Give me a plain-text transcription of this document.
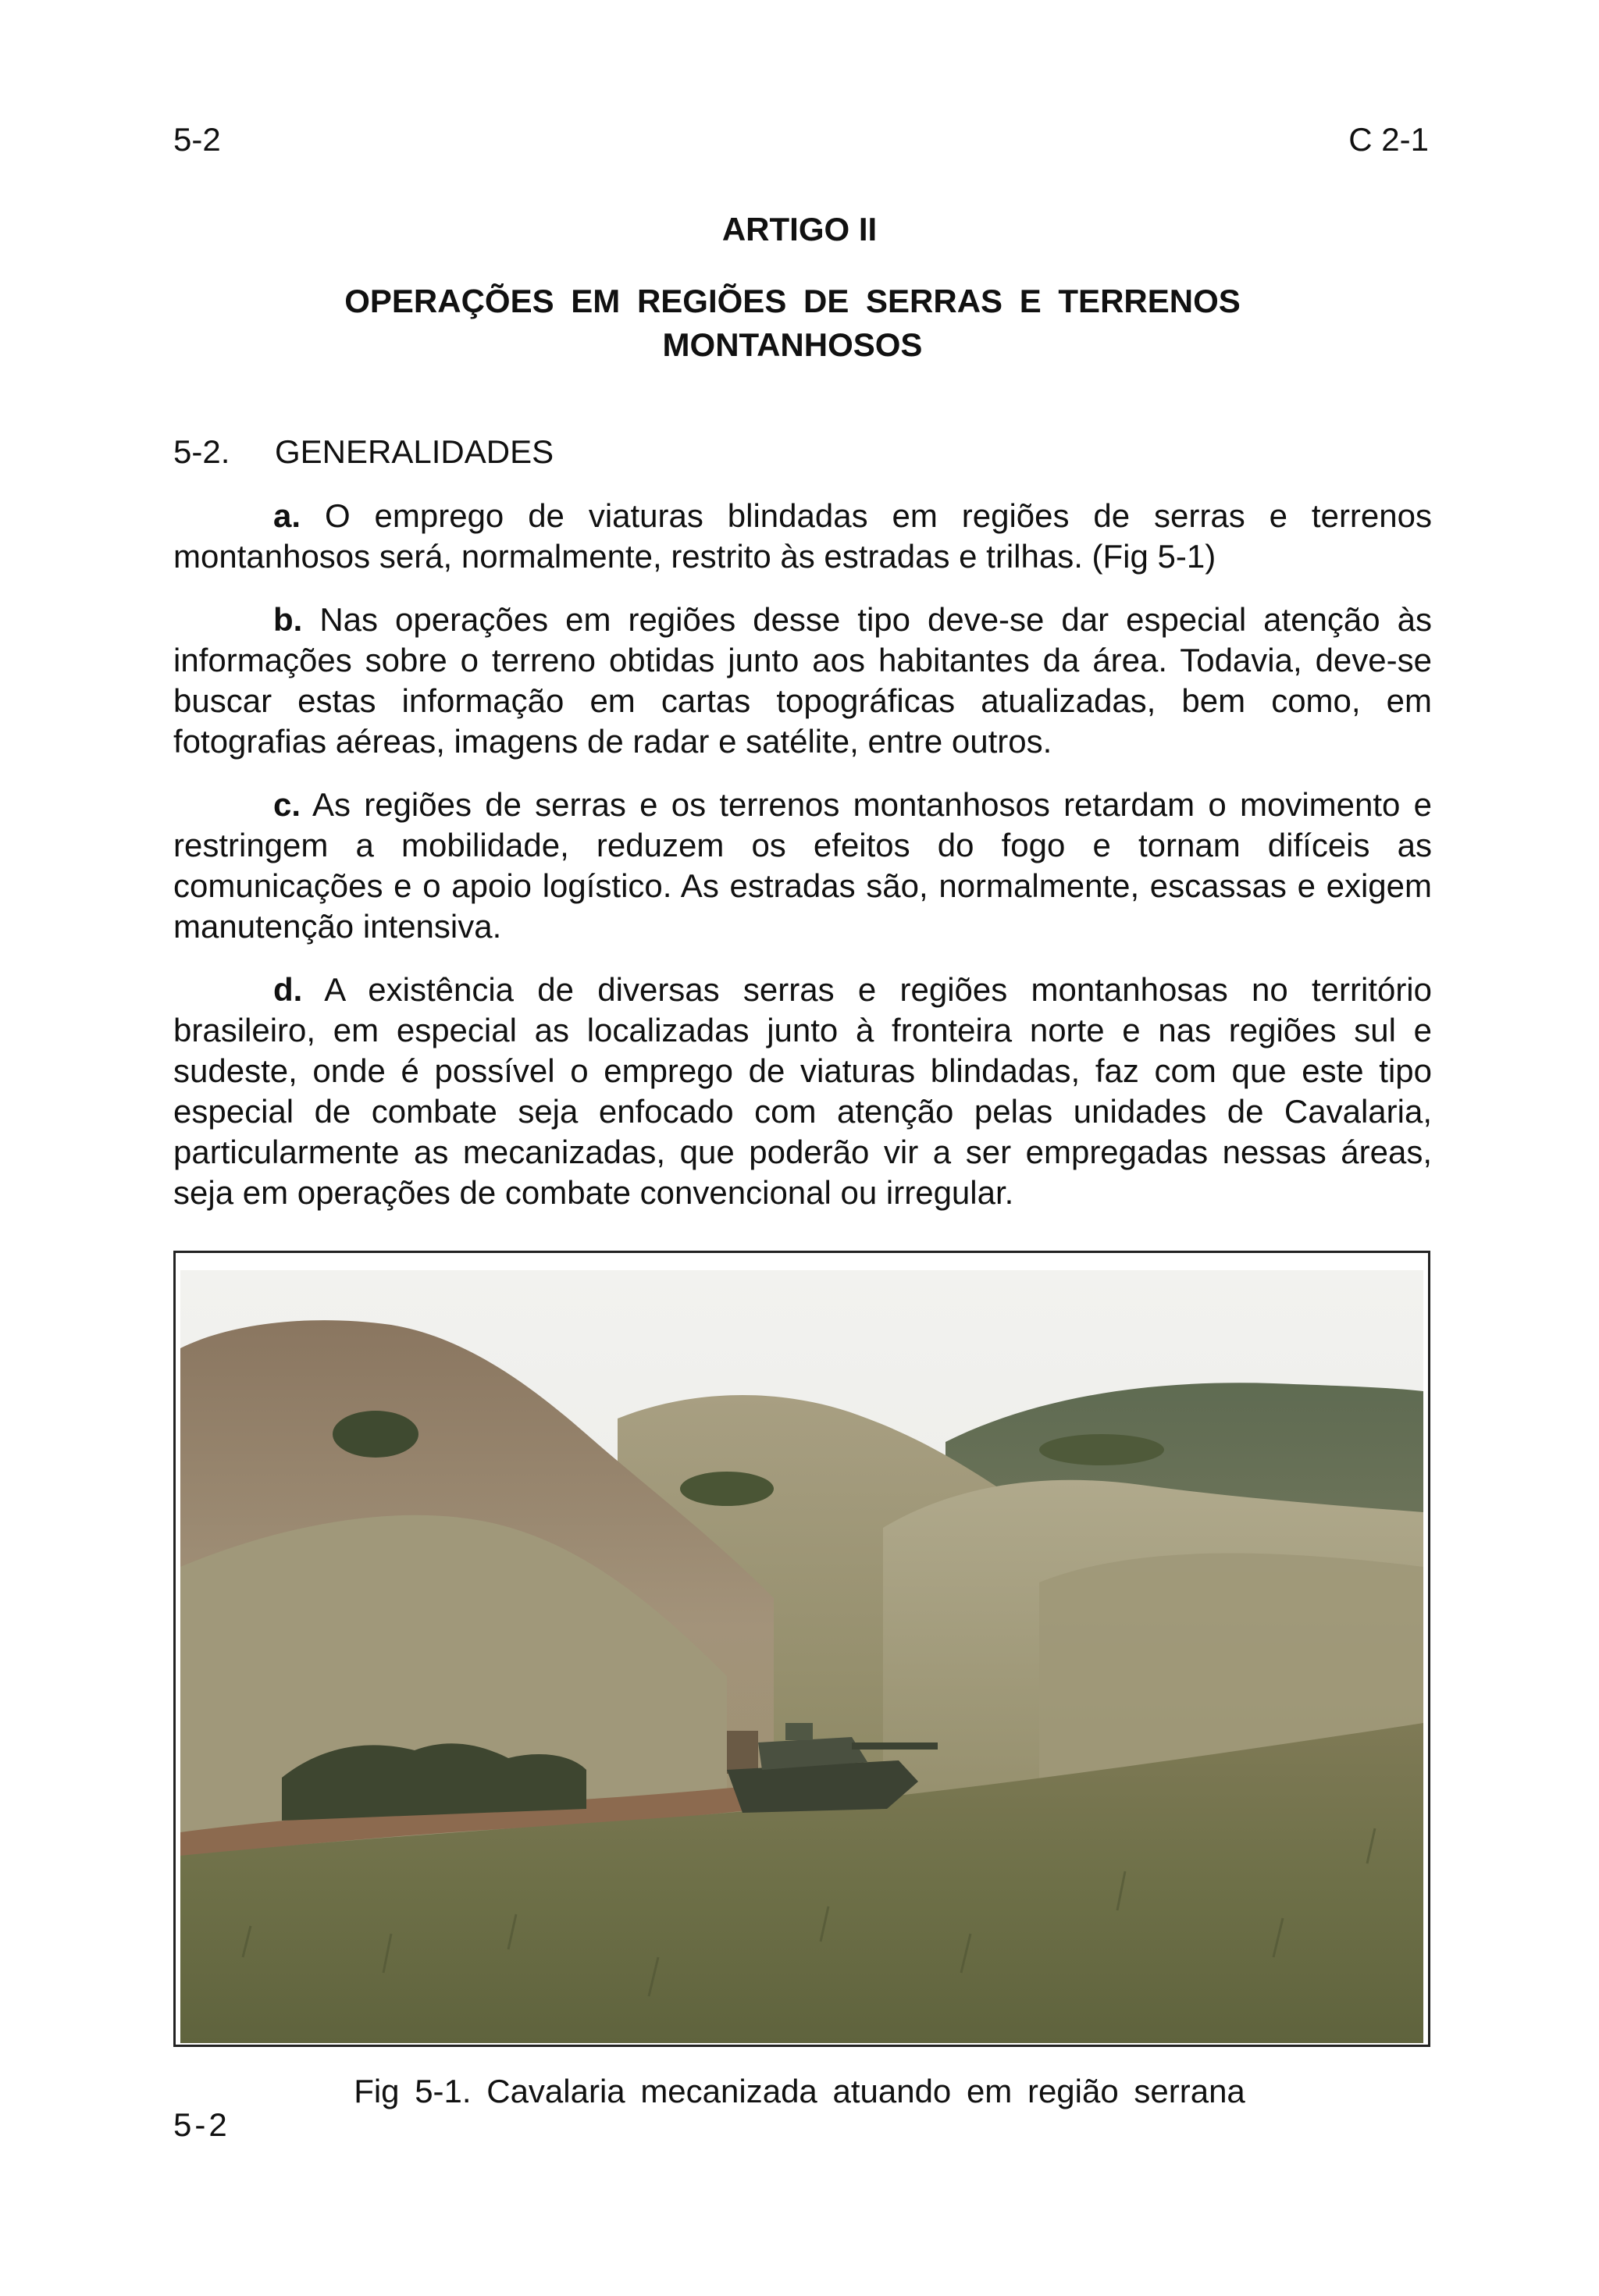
5-2	C 2-1
ARTIGO II
OPERAÇÕES EM REGIÕES DE SERRAS E TERRENOS MONTANHOSOS
5-2. GENERALIDADES

a. O emprego de viaturas blindadas em regiões de serras e terrenos montanhosos será, normalmente, restrito às estradas e trilhas. (Fig 5-1)

b. Nas operações em regiões desse tipo deve-se dar especial atenção às informações sobre o terreno obtidas junto aos habitantes da área. Todavia, deve-se buscar estas informação em cartas topográficas atualizadas, bem como, em fotografias aéreas, imagens de radar e satélite, entre outros.

c. As regiões de serras e os terrenos montanhosos retardam o movimento e restringem a mobilidade, reduzem os efeitos do fogo e tornam difíceis as comunicações e o apoio logístico. As estradas são, normalmente, escassas e exigem manutenção intensiva.

d. A existência de diversas serras e regiões montanhosas no território brasileiro, em especial as localizadas junto à fronteira norte e nas regiões sul e sudeste, onde é possível o emprego de viaturas blindadas, faz com que este tipo especial de combate seja enfocado com atenção pelas unidades de Cavalaria, particularmente as mecanizadas, que poderão vir a ser empregadas nessas áreas, seja em operações de combate convencional ou irregular.

Fig 5-1. Cavalaria mecanizada atuando em região serrana
5-2
